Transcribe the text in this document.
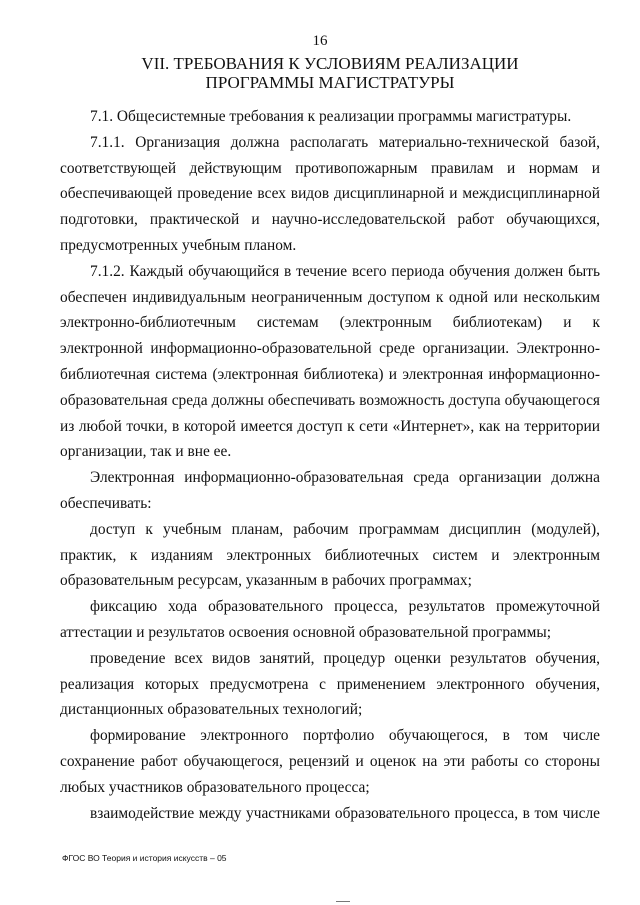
16
VII. ТРЕБОВАНИЯ К УСЛОВИЯМ РЕАЛИЗАЦИИ ПРОГРАММЫ МАГИСТРАТУРЫ

7.1. Общесистемные требования к реализации программы магистратуры.

7.1.1. Организация должна располагать материально-технической базой, соответствующей действующим противопожарным правилам и нормам и обеспечивающей проведение всех видов дисциплинарной и междисциплинарной подготовки, практической и научно-исследовательской работ обучающихся, предусмотренных учебным планом.

7.1.2. Каждый обучающийся в течение всего периода обучения должен быть обеспечен индивидуальным неограниченным доступом к одной или нескольким электронно-библиотечным системам (электронным библиотекам) и к электронной информационно-образовательной среде организации. Электронно-библиотечная система (электронная библиотека) и электронная информационно-образовательная среда должны обеспечивать возможность доступа обучающегося из любой точки, в которой имеется доступ к сети «Интернет», как на территории организации, так и вне ее.

Электронная информационно-образовательная среда организации должна обеспечивать:

доступ к учебным планам, рабочим программам дисциплин (модулей), практик, к изданиям электронных библиотечных систем и электронным образовательным ресурсам, указанным в рабочих программах;

фиксацию хода образовательного процесса, результатов промежуточной аттестации и результатов освоения основной образовательной программы;

проведение всех видов занятий, процедур оценки результатов обучения, реализация которых предусмотрена с применением электронного обучения, дистанционных образовательных технологий;

формирование электронного портфолио обучающегося, в том числе сохранение работ обучающегося, рецензий и оценок на эти работы со стороны любых участников образовательного процесса;

взаимодействие между участниками образовательного процесса, в том числе

ФГОС ВО Теория и история искусств – 05
